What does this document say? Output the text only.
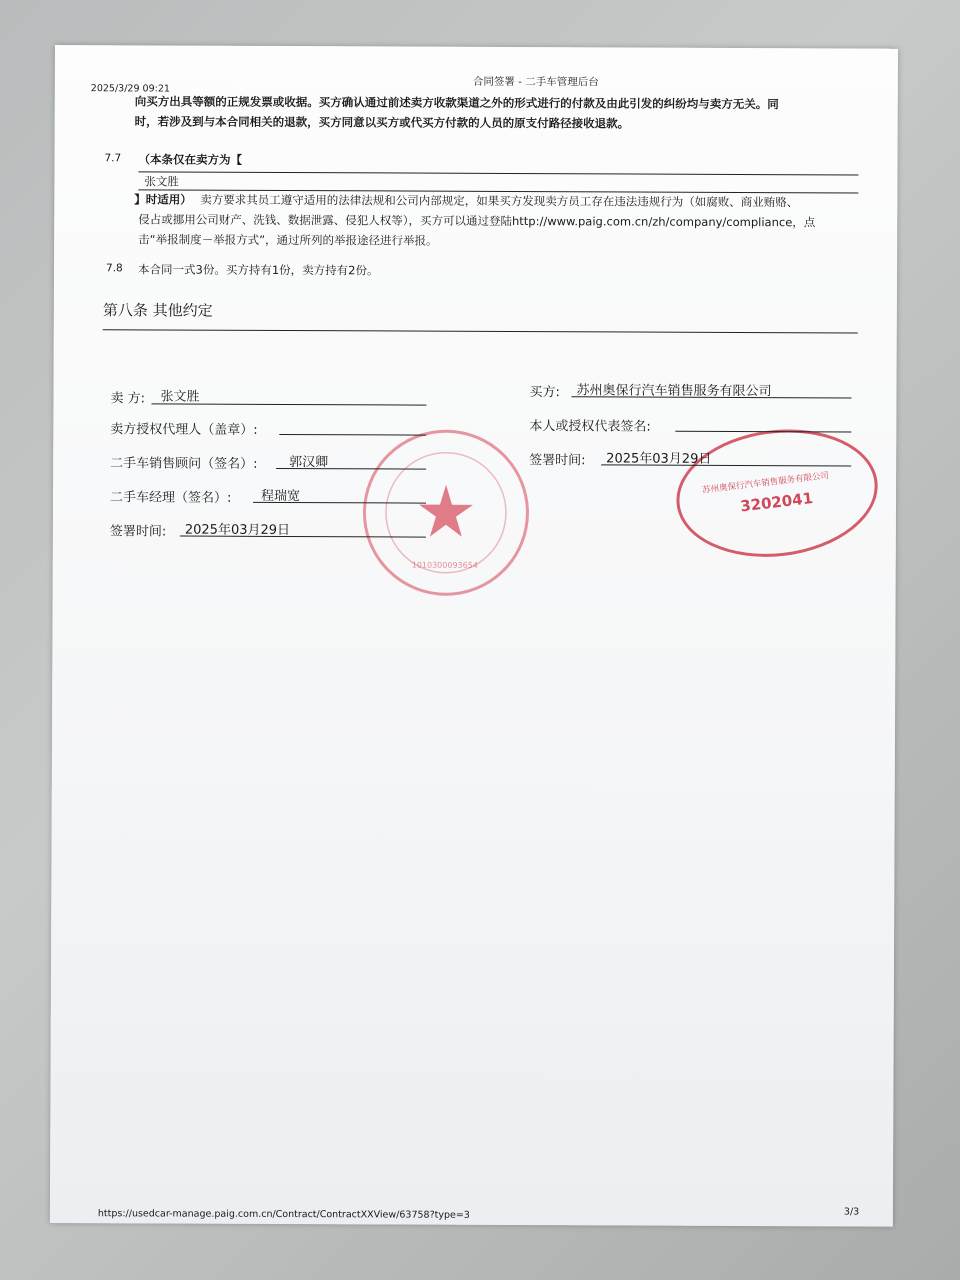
2025/3/29 09:21
合同签署 - 二手车管理后台
向买方出具等额的正规发票或收据。买方确认通过前述卖方收款渠道之外的形式进行的付款及由此引发的纠纷均与卖方无关。同
时，若涉及到与本合同相关的退款，买方同意以买方或代买方付款的人员的原支付路径接收退款。
7.7 （本条仅在卖方为【
张文胜
】时适用） 卖方要求其员工遵守适用的法律法规和公司内部规定，如果买方发现卖方员工存在违法违规行为（如腐败、商业贿赂、
侵占或挪用公司财产、洗钱、数据泄露、侵犯人权等），买方可以通过登陆http://www.paig.com.cn/zh/company/compliance，点
击“举报制度－举报方式”，通过所列的举报途径进行举报。
7.8 本合同一式3份。买方持有1份，卖方持有2份。
第八条 其他约定
1010300093654
苏州奥保行汽车销售服务有限公司
3202041
卖 方: 张文胜
卖方授权代理人（盖章）:
二手车销售顾问（签名）: 郭汉卿
二手车经理（签名）: 程瑞宽
签署时间: 2025年03月29日
买方: 苏州奥保行汽车销售服务有限公司
本人或授权代表签名:
签署时间: 2025年03月29日
https://usedcar-manage.paig.com.cn/Contract/ContractXXView/63758?type=3	3/3
